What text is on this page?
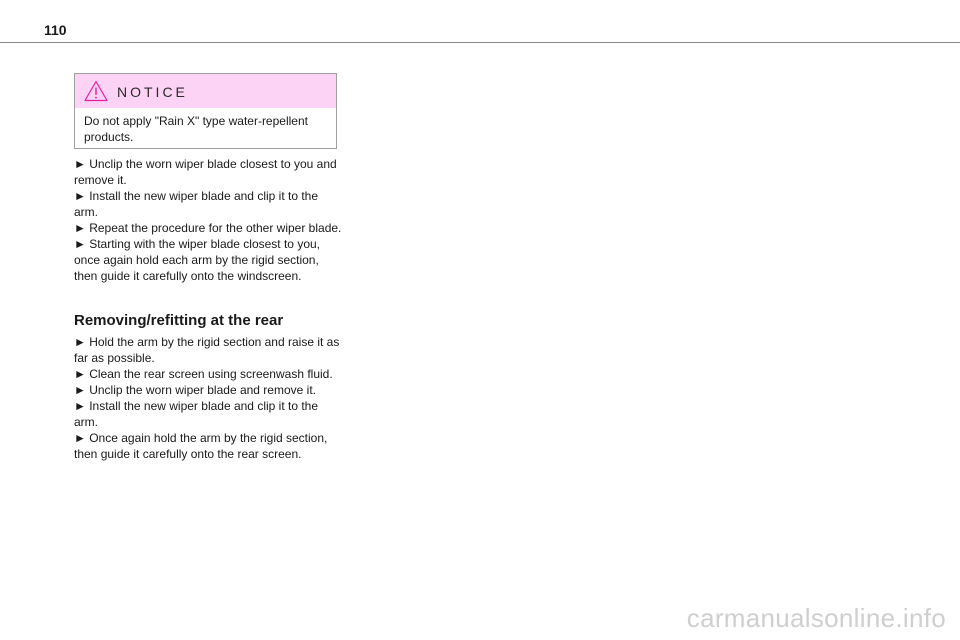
110
NOTICE
Do not apply "Rain X" type water-repellent products.

► Unclip the worn wiper blade closest to you and remove it.

► Install the new wiper blade and clip it to the arm.

► Repeat the procedure for the other wiper blade.

► Starting with the wiper blade closest to you, once again hold each arm by the rigid section, then guide it carefully onto the windscreen.

Removing/refitting at the rear

► Hold the arm by the rigid section and raise it as far as possible.

► Clean the rear screen using screenwash fluid.

► Unclip the worn wiper blade and remove it.

► Install the new wiper blade and clip it to the arm.

► Once again hold the arm by the rigid section, then guide it carefully onto the rear screen.

carmanualsonline.info
